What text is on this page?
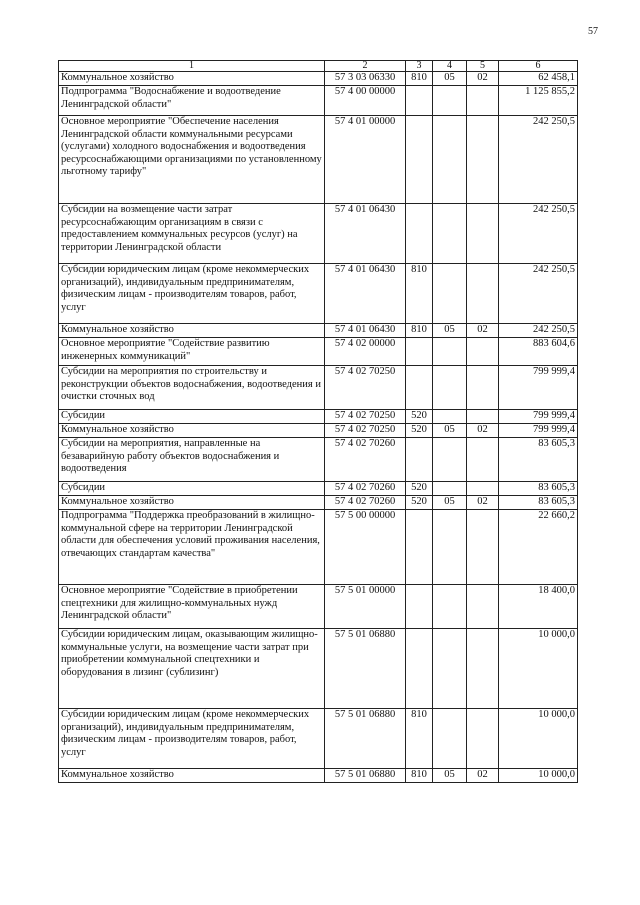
57
1	2	3	4	5	6
Коммунальное хозяйство	57 3 03 06330	810	05	02	62 458,1
Подпрограмма "Водоснабжение и водоотведение Ленинградской области"	57 4 00 00000				1 125 855,2
Основное мероприятие "Обеспечение населения Ленинградской области коммунальными ресурсами (услугами) холодного водоснабжения и водоотведения ресурсоснабжающими организациями по установленному льготному тарифу"	57 4 01 00000				242 250,5
Субсидии на возмещение части затрат ресурсоснабжающим организациям в связи с предоставлением коммунальных ресурсов (услуг) на территории Ленинградской области	57 4 01 06430				242 250,5
Субсидии юридическим лицам (кроме некоммерческих организаций), индивидуальным предпринимателям, физическим лицам - производителям товаров, работ, услуг	57 4 01 06430	810			242 250,5
Коммунальное хозяйство	57 4 01 06430	810	05	02	242 250,5
Основное мероприятие "Содействие развитию инженерных коммуникаций"	57 4 02 00000				883 604,6
Субсидии на мероприятия по строительству и реконструкции объектов водоснабжения, водоотведения и очистки сточных вод	57 4 02 70250				799 999,4
Субсидии	57 4 02 70250	520			799 999,4
Коммунальное хозяйство	57 4 02 70250	520	05	02	799 999,4
Субсидии на мероприятия, направленные на безаварийную работу объектов водоснабжения и водоотведения	57 4 02 70260				83 605,3
Субсидии	57 4 02 70260	520			83 605,3
Коммунальное хозяйство	57 4 02 70260	520	05	02	83 605,3
Подпрограмма "Поддержка преобразований в жилищно-коммунальной сфере на территории Ленинградской области для обеспечения условий проживания населения, отвечающих стандартам качества"	57 5 00 00000				22 660,2
Основное мероприятие "Содействие в приобретении спецтехники для жилищно-коммунальных нужд Ленинградской области"	57 5 01 00000				18 400,0
Субсидии юридическим лицам, оказывающим жилищно-коммунальные услуги, на возмещение части затрат при приобретении коммунальной спецтехники и оборудования в лизинг (сублизинг)	57 5 01 06880				10 000,0
Субсидии юридическим лицам (кроме некоммерческих организаций), индивидуальным предпринимателям, физическим лицам - производителям товаров, работ, услуг	57 5 01 06880	810			10 000,0
Коммунальное хозяйство	57 5 01 06880	810	05	02	10 000,0
